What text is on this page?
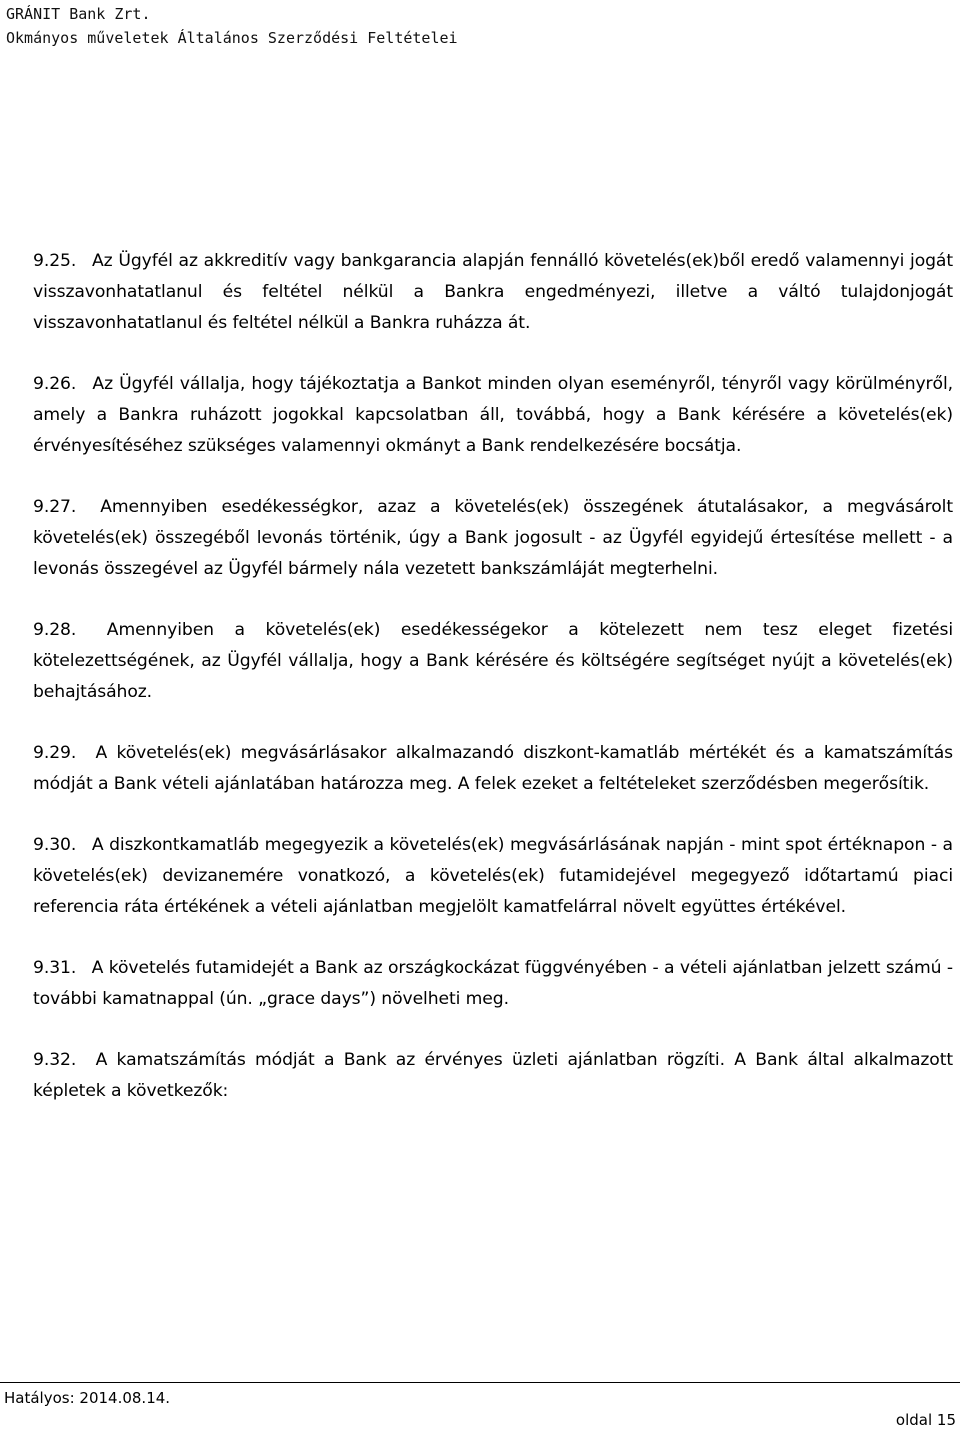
GRÁNIT Bank Zrt.
Okmányos műveletek Általános Szerződési Feltételei

9.25. Az Ügyfél az akkreditív vagy bankgarancia alapján fennálló követelés(ek)ből eredő valamennyi jogát visszavonhatatlanul és feltétel nélkül a Bankra engedményezi, illetve a váltó tulajdonjogát visszavonhatatlanul és feltétel nélkül a Bankra ruházza át.

9.26. Az Ügyfél vállalja, hogy tájékoztatja a Bankot minden olyan eseményről, tényről vagy körülményről, amely a Bankra ruházott jogokkal kapcsolatban áll, továbbá, hogy a Bank kérésére a követelés(ek) érvényesítéséhez szükséges valamennyi okmányt a Bank rendelkezésére bocsátja.

9.27. Amennyiben esedékességkor, azaz a követelés(ek) összegének átutalásakor, a megvásárolt követelés(ek) összegéből levonás történik, úgy a Bank jogosult - az Ügyfél egyidejű értesítése mellett - a levonás összegével az Ügyfél bármely nála vezetett bankszámláját megterhelni.

9.28. Amennyiben a követelés(ek) esedékességekor a kötelezett nem tesz eleget fizetési kötelezettségének, az Ügyfél vállalja, hogy a Bank kérésére és költségére segítséget nyújt a követelés(ek) behajtásához.

9.29. A követelés(ek) megvásárlásakor alkalmazandó diszkont-kamatláb mértékét és a kamatszámítás módját a Bank vételi ajánlatában határozza meg. A felek ezeket a feltételeket szerződésben megerősítik.

9.30. A diszkontkamatláb megegyezik a követelés(ek) megvásárlásának napján - mint spot értéknapon - a követelés(ek) devizanemére vonatkozó, a követelés(ek) futamidejével megegyező időtartamú piaci referencia ráta értékének a vételi ajánlatban megjelölt kamatfelárral növelt együttes értékével.

9.31. A követelés futamidejét a Bank az országkockázat függvényében - a vételi ajánlatban jelzett számú - további kamatnappal (ún. „grace days”) növelheti meg.

9.32. A kamatszámítás módját a Bank az érvényes üzleti ajánlatban rögzíti. A Bank által alkalmazott képletek a következők:

Hatályos: 2014.08.14.
oldal 15
